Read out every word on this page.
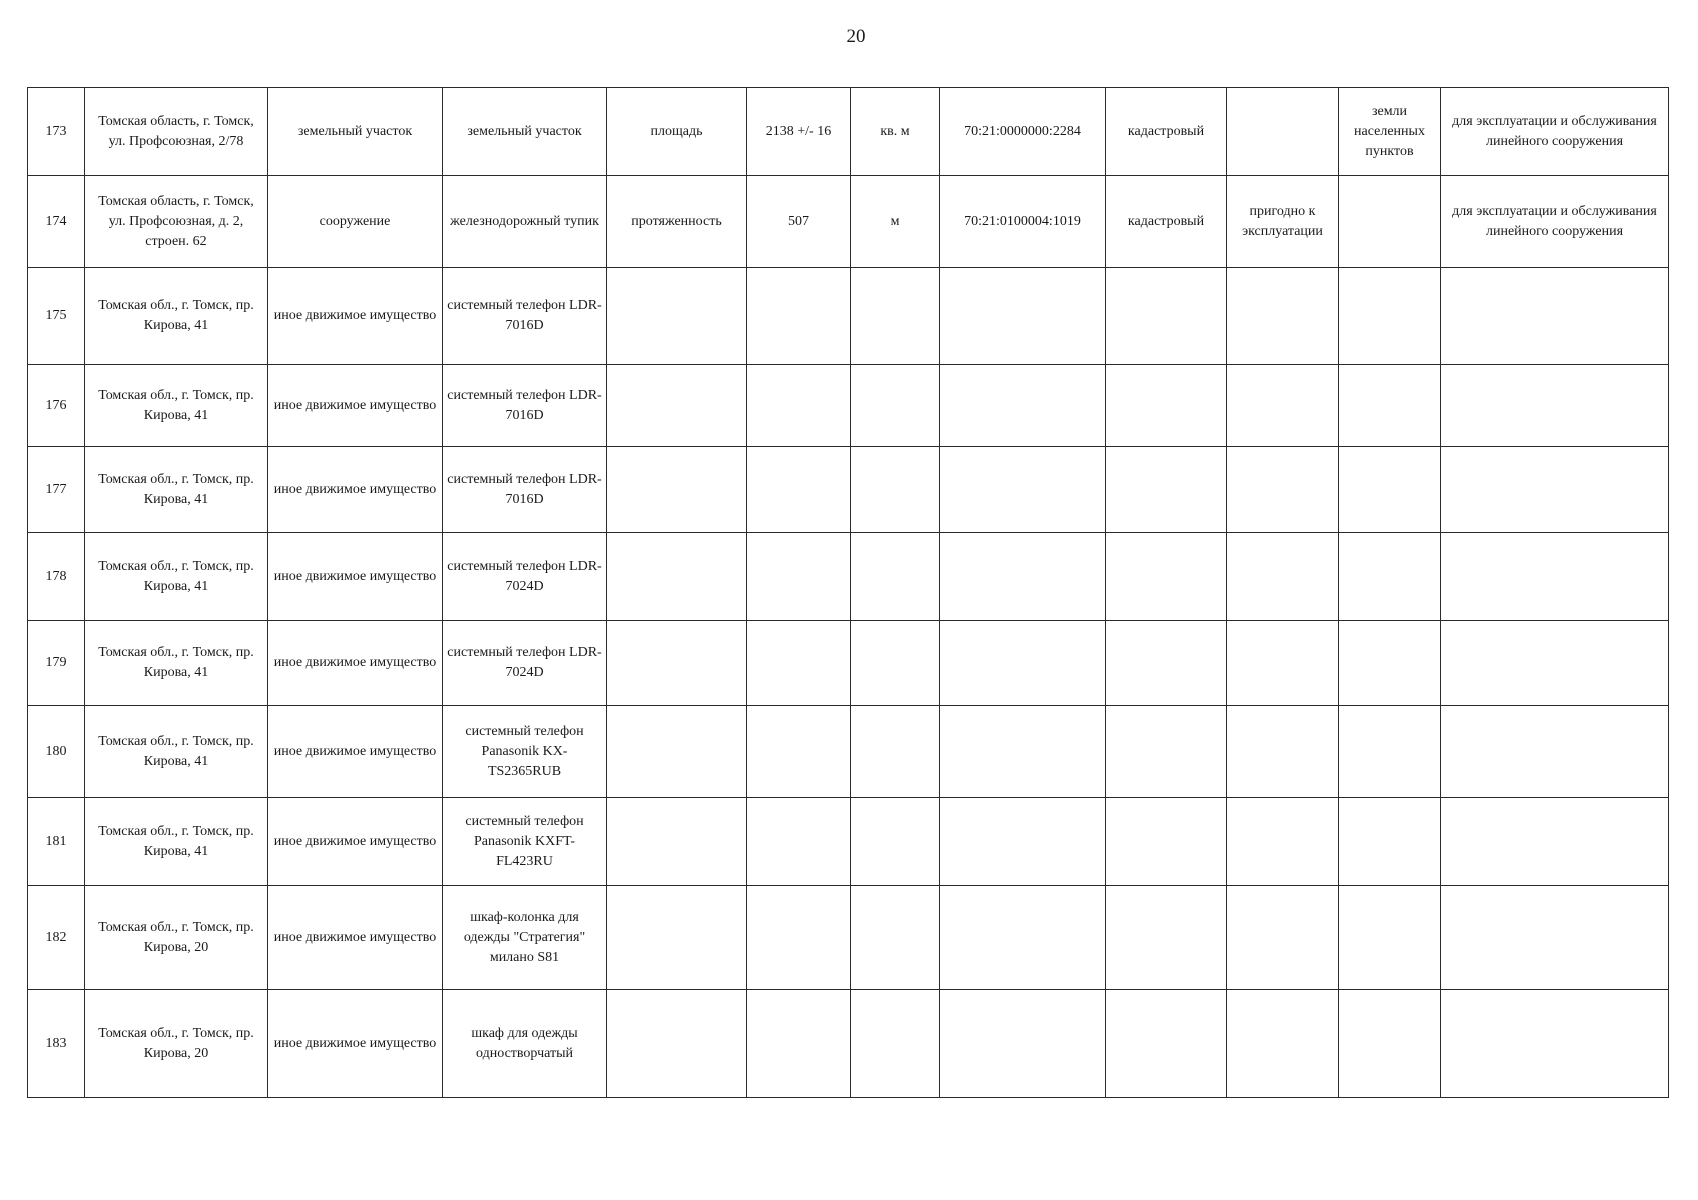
20
173	Томская область, г. Томск, ул. Профсоюзная, 2/78	земельный участок	земельный участок	площадь	2138 +/- 16	кв. м	70:21:0000000:2284	кадастровый		земли населенных пунктов	для эксплуатации и обслуживания линейного сооружения
174	Томская область, г. Томск, ул. Профсоюзная, д. 2, строен. 62	сооружение	железнодорожный тупик	протяженность	507	м	70:21:0100004:1019	кадастровый	пригодно к эксплуатации		для эксплуатации и обслуживания линейного сооружения
175	Томская обл., г. Томск, пр. Кирова, 41	иное движимое имущество	системный телефон LDR-7016D								
176	Томская обл., г. Томск, пр. Кирова, 41	иное движимое имущество	системный телефон LDR-7016D								
177	Томская обл., г. Томск, пр. Кирова, 41	иное движимое имущество	системный телефон LDR-7016D								
178	Томская обл., г. Томск, пр. Кирова, 41	иное движимое имущество	системный телефон LDR-7024D								
179	Томская обл., г. Томск, пр. Кирова, 41	иное движимое имущество	системный телефон LDR-7024D								
180	Томская обл., г. Томск, пр. Кирова, 41	иное движимое имущество	системный телефон Panasonik KX-TS2365RUB								
181	Томская обл., г. Томск, пр. Кирова, 41	иное движимое имущество	системный телефон Panasonik KXFT-FL423RU								
182	Томская обл., г. Томск, пр. Кирова, 20	иное движимое имущество	шкаф-колонка для одежды "Стратегия" милано S81								
183	Томская обл., г. Томск, пр. Кирова, 20	иное движимое имущество	шкаф для одежды одностворчатый								
